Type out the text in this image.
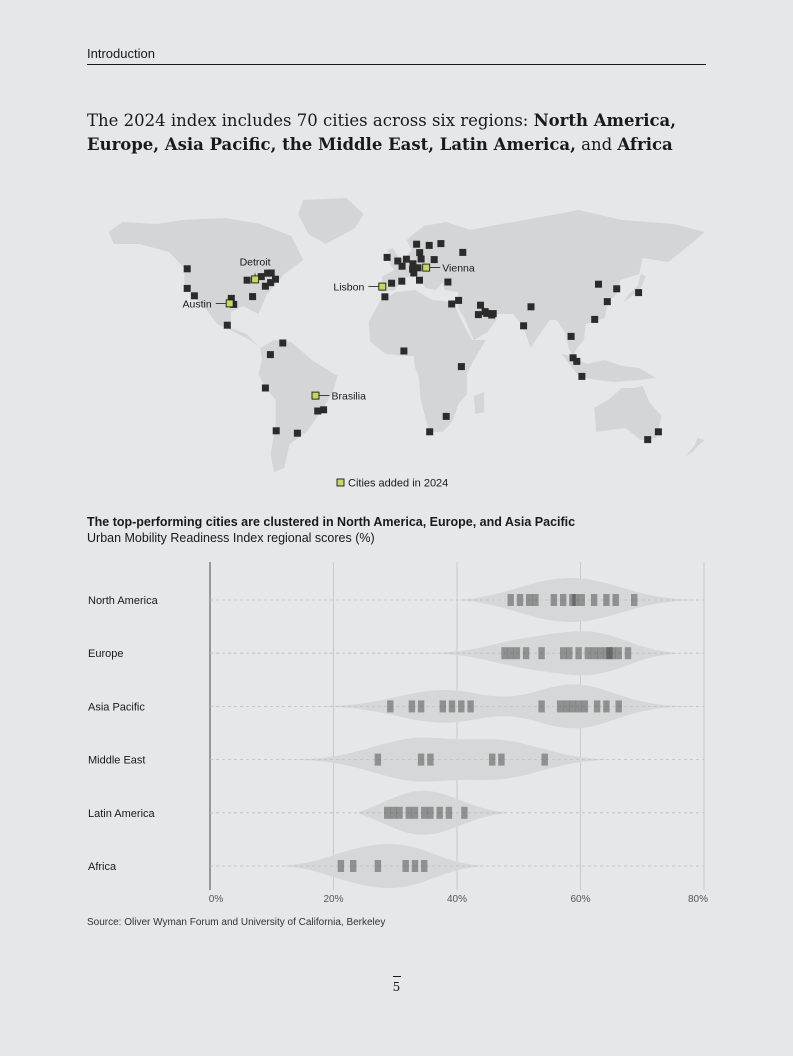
Introduction
The 2024 index includes 70 cities across six regions: North America, Europe, Asia Pacific, the Middle East, Latin America, and Africa
Detroit
Austin
Lisbon
Vienna
Brasilia
Cities added in 2024
The top-performing cities are clustered in North America, Europe, and Asia Pacific
Urban Mobility Readiness Index regional scores (%)
North America
Europe
Asia Pacific
Middle East
Latin America
Africa
0%	20%	40%	60%	80%
Source: Oliver Wyman Forum and University of California, Berkeley
5
